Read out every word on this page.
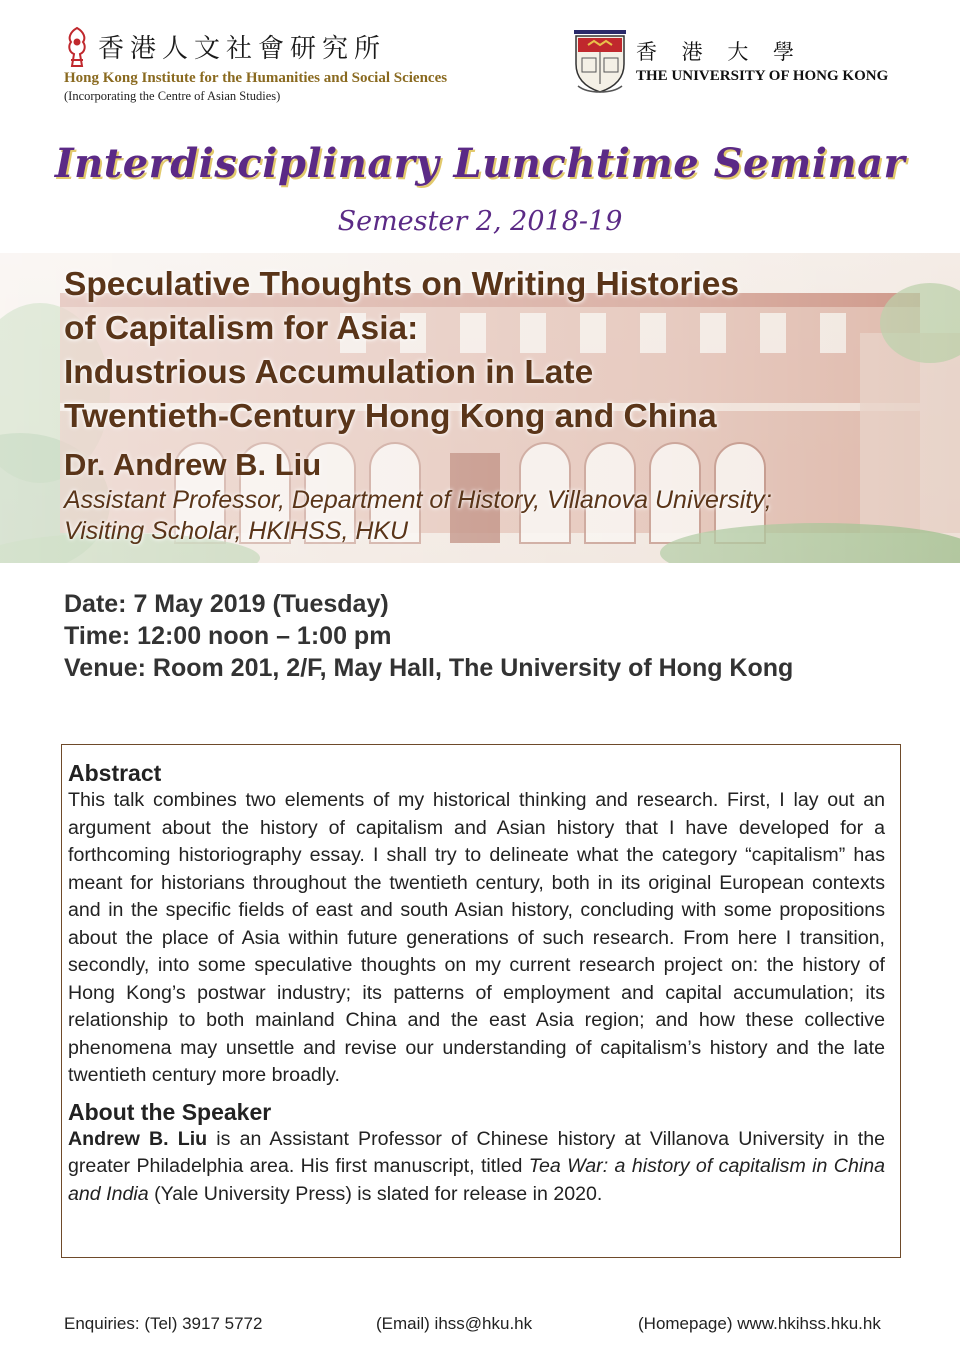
香港人文社會研究所
Hong Kong Institute for the Humanities and Social Sciences
(Incorporating the Centre of Asian Studies)
香 港 大 學
THE UNIVERSITY OF HONG KONG
Interdisciplinary Lunchtime Seminar
Semester 2, 2018-19
Speculative Thoughts on Writing Histories
of Capitalism for Asia:
Industrious Accumulation in Late
Twentieth-Century Hong Kong and China
Dr. Andrew B. Liu
Assistant Professor, Department of History, Villanova University;
Visiting Scholar, HKIHSS, HKU
Date: 7 May 2019 (Tuesday)
Time: 12:00 noon – 1:00 pm
Venue: Room 201, 2/F, May Hall, The University of Hong Kong
Abstract

This talk combines two elements of my historical thinking and research. First, I lay out an argument about the history of capitalism and Asian history that I have developed for a forthcoming historiography essay. I shall try to delineate what the category “capitalism” has meant for historians throughout the twentieth century, both in its original European contexts and in the specific fields of east and south Asian history, concluding with some propositions about the place of Asia within future generations of such research. From here I transition, secondly, into some speculative thoughts on my current research project on: the history of Hong Kong’s postwar industry; its patterns of employment and capital accumulation; its relationship to both mainland China and the east Asia region; and how these collective phenomena may unsettle and revise our understanding of capitalism’s history and the late twentieth century more broadly.

About the Speaker

Andrew B. Liu is an Assistant Professor of Chinese history at Villanova University in the greater Philadelphia area. His first manuscript, titled Tea War: a history of capitalism in China and India (Yale University Press) is slated for release in 2020.

Enquiries: (Tel) 3917 5772	(Email) ihss@hku.hk	(Homepage) www.hkihss.hku.hk
